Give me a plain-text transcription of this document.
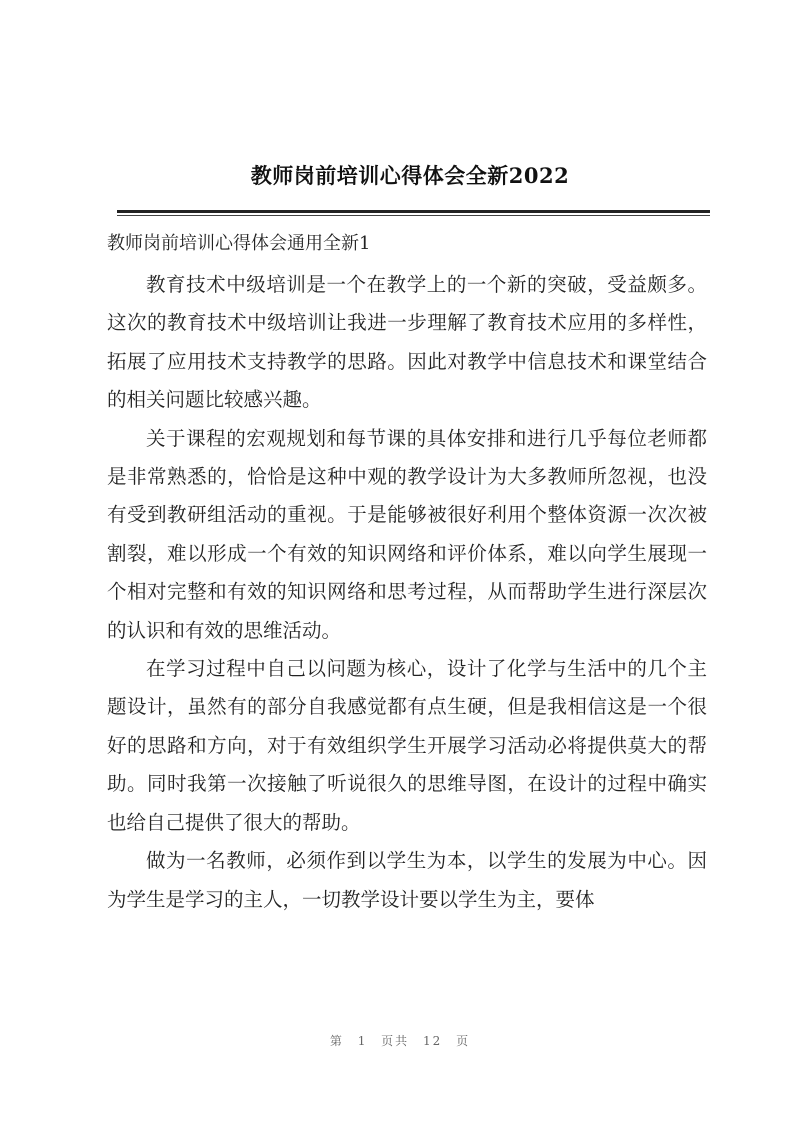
教师岗前培训心得体会全新2022
教师岗前培训心得体会通用全新1

教育技术中级培训是一个在教学上的一个新的突破，受益颇多。这次的教育技术中级培训让我进一步理解了教育技术应用的多样性，拓展了应用技术支持教学的思路。因此对教学中信息技术和课堂结合的相关问题比较感兴趣。

关于课程的宏观规划和每节课的具体安排和进行几乎每位老师都是非常熟悉的，恰恰是这种中观的教学设计为大多教师所忽视，也没有受到教研组活动的重视。于是能够被很好利用个整体资源一次次被割裂，难以形成一个有效的知识网络和评价体系，难以向学生展现一个相对完整和有效的知识网络和思考过程，从而帮助学生进行深层次的认识和有效的思维活动。

在学习过程中自己以问题为核心，设计了化学与生活中的几个主题设计，虽然有的部分自我感觉都有点生硬，但是我相信这是一个很好的思路和方向，对于有效组织学生开展学习活动必将提供莫大的帮助。同时我第一次接触了听说很久的思维导图，在设计的过程中确实也给自己提供了很大的帮助。

做为一名教师，必须作到以学生为本，以学生的发展为中心。因为学生是学习的主人，一切教学设计要以学生为主，要体

第 1 页共 12 页
